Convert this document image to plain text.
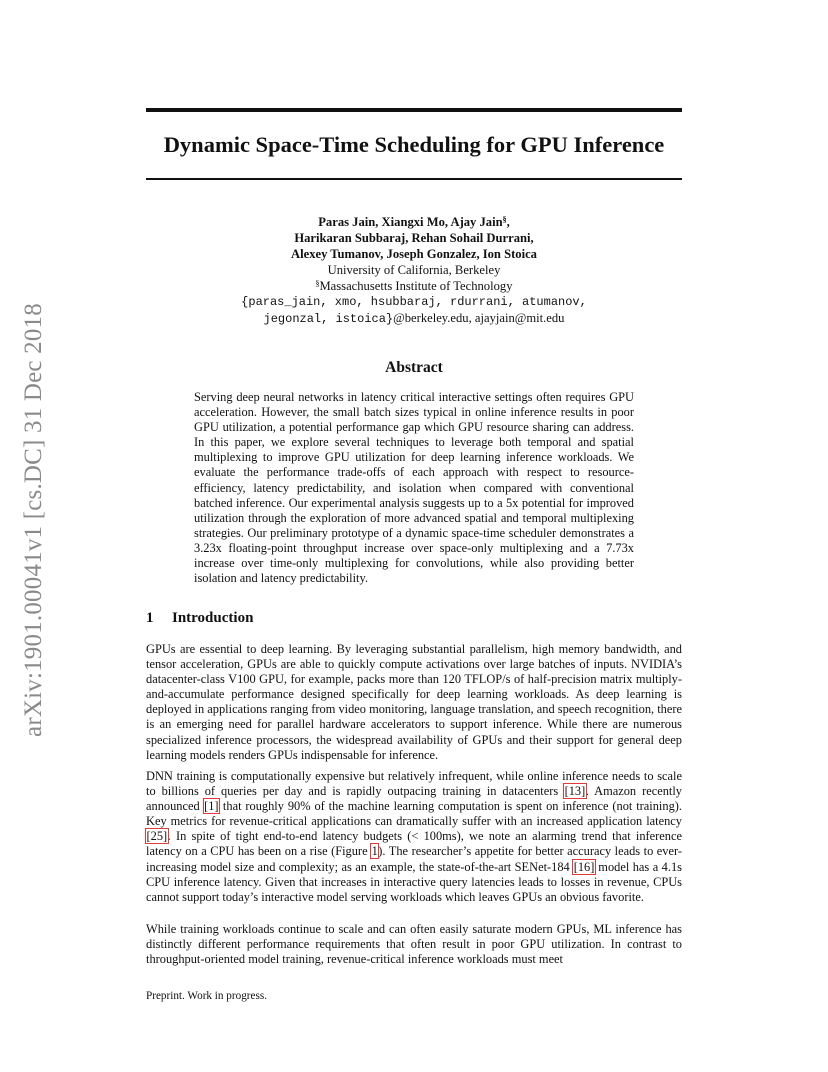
arXiv:1901.00041v1 [cs.DC] 31 Dec 2018
Dynamic Space-Time Scheduling for GPU Inference
Paras Jain, Xiangxi Mo, Ajay Jain§,
Harikaran Subbaraj, Rehan Sohail Durrani,
Alexey Tumanov, Joseph Gonzalez, Ion Stoica
University of California, Berkeley
§Massachusetts Institute of Technology
{paras_jain, xmo, hsubbaraj, rdurrani, atumanov,
jegonzal, istoica}@berkeley.edu, ajayjain@mit.edu
Abstract

Serving deep neural networks in latency critical interactive settings often requires GPU acceleration. However, the small batch sizes typical in online inference results in poor GPU utilization, a potential performance gap which GPU resource sharing can address. In this paper, we explore several techniques to leverage both temporal and spatial multiplexing to improve GPU utilization for deep learning inference workloads. We evaluate the performance trade-offs of each approach with respect to resource-efficiency, latency predictability, and isolation when compared with conventional batched inference. Our experimental analysis suggests up to a 5x potential for improved utilization through the exploration of more advanced spatial and temporal multiplexing strategies. Our preliminary prototype of a dynamic space-time scheduler demonstrates a 3.23x floating-point throughput increase over space-only multiplexing and a 7.73x increase over time-only multiplexing for convolutions, while also providing better isolation and latency predictability.

1 Introduction

GPUs are essential to deep learning. By leveraging substantial parallelism, high memory bandwidth, and tensor acceleration, GPUs are able to quickly compute activations over large batches of inputs. NVIDIA’s datacenter-class V100 GPU, for example, packs more than 120 TFLOP/s of half-precision matrix multiply-and-accumulate performance designed specifically for deep learning workloads. As deep learning is deployed in applications ranging from video monitoring, language translation, and speech recognition, there is an emerging need for parallel hardware accelerators to support inference. While there are numerous specialized inference processors, the widespread availability of GPUs and their support for general deep learning models renders GPUs indispensable for inference.

DNN training is computationally expensive but relatively infrequent, while online inference needs to scale to billions of queries per day and is rapidly outpacing training in datacenters [13]. Amazon recently announced [1] that roughly 90% of the machine learning computation is spent on inference (not training). Key metrics for revenue-critical applications can dramatically suffer with an increased application latency [25]. In spite of tight end-to-end latency budgets (< 100ms), we note an alarming trend that inference latency on a CPU has been on a rise (Figure 1). The researcher’s appetite for better accuracy leads to ever-increasing model size and complexity; as an example, the state-of-the-art SENet-184 [16] model has a 4.1s CPU inference latency. Given that increases in interactive query latencies leads to losses in revenue, CPUs cannot support today’s interactive model serving workloads which leaves GPUs an obvious favorite.

While training workloads continue to scale and can often easily saturate modern GPUs, ML inference has distinctly different performance requirements that often result in poor GPU utilization. In contrast to throughput-oriented model training, revenue-critical inference workloads must meet

Preprint. Work in progress.
